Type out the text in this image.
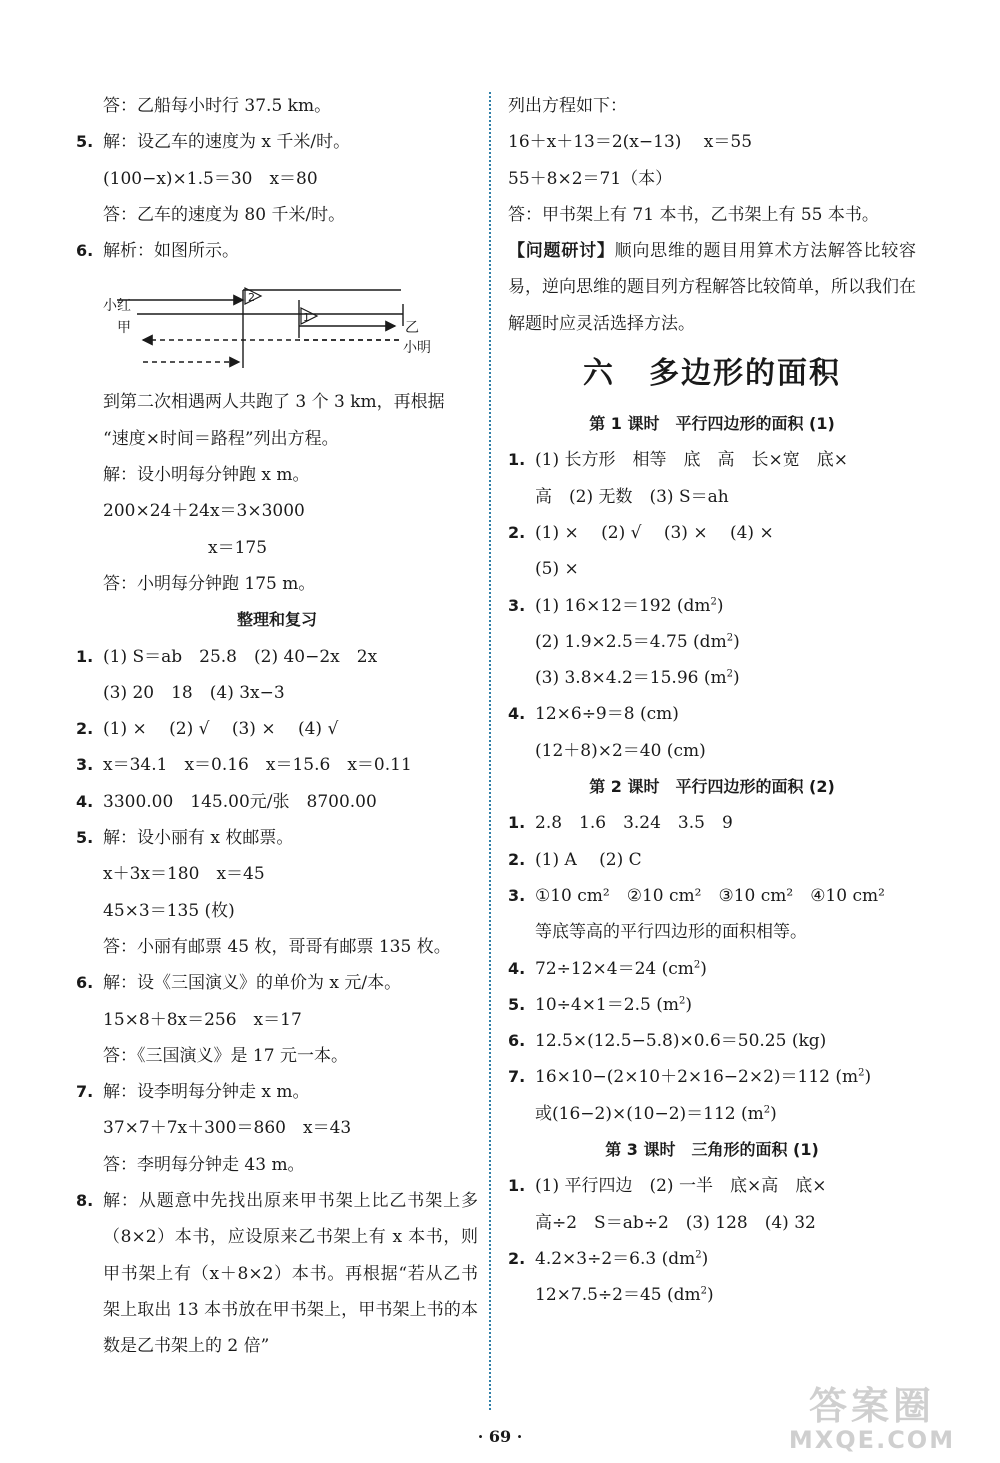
答：乙船每小时行 37.5 km。
5. 解：设乙车的速度为 x 千米/时。
(100−x)×1.5＝30　x＝80
答：乙车的速度为 80 千米/时。
6. 解析：如图所示。
小红
甲	乙
小明
2
1
到第二次相遇两人共跑了 3 个 3 km，再根据
“速度×时间＝路程”列出方程。
解：设小明每分钟跑 x m。
200×24＋24x＝3×3000
x＝175
答：小明每分钟跑 175 m。
整理和复习
1. (1) S＝ab　25.8　(2) 40−2x　2x
(3) 20　18　(4) 3x−3
2. (1) ×　 (2) √　 (3) ×　 (4) √
3. x＝34.1　x＝0.16　x＝15.6　x＝0.11
4. 3300.00　145.00元/张　8700.00
5. 解：设小丽有 x 枚邮票。
x＋3x＝180　x＝45
45×3＝135 (枚)
答：小丽有邮票 45 枚，哥哥有邮票 135 枚。
6. 解：设《三国演义》的单价为 x 元/本。
15×8＋8x＝256　x＝17
答：《三国演义》是 17 元一本。
7. 解：设李明每分钟走 x m。
37×7＋7x＋300＝860　x＝43
答：李明每分钟走 43 m。
8. 解：从题意中先找出原来甲书架上比乙书架上多（8×2）本书，应设原来乙书架上有 x 本书，则甲书架上有（x＋8×2）本书。再根据“若从乙书架上取出 13 本书放在甲书架上，甲书架上书的本数是乙书架上的 2 倍”
列出方程如下：
16＋x＋13＝2(x−13)　 x＝55
55＋8×2＝71（本）
答：甲书架上有 71 本书，乙书架上有 55 本书。
【问题研讨】顺向思维的题目用算术方法解答比较容易，逆向思维的题目列方程解答比较简单，所以我们在解题时应灵活选择方法。
六 多边形的面积
第 1 课时　平行四边形的面积 (1)
1. (1) 长方形　相等　底　高　长×宽　底×
高　(2) 无数　(3) S＝ah
2. (1) ×　 (2) √　 (3) ×　 (4) ×
(5) ×
3. (1) 16×12＝192 $(dm^2)$
(2) 1.9×2.5＝4.75 $(dm^2)$
(3) 3.8×4.2＝15.96 $(m^2)$
4. 12×6÷9＝8 (cm)
(12＋8)×2＝40 (cm)
第 2 课时　平行四边形的面积 (2)
1. 2.8　1.6　3.24　3.5　9
2. (1) A　 (2) C
3. ①10 cm²　②10 cm²　③10 cm²　④10 cm²
等底等高的平行四边形的面积相等。
4. 72÷12×4＝24 $(cm^2)$
5. 10÷4×1＝2.5 $(m^2)$
6. 12.5×(12.5−5.8)×0.6＝50.25 (kg)
7. 16×10−(2×10＋2×16−2×2)＝112 $(m^2)$
或(16−2)×(10−2)＝112 $(m^2)$
第 3 课时　三角形的面积 (1)
1. (1) 平行四边　(2) 一半　底×高　底×
高÷2　S＝ab÷2　(3) 128　(4) 32
2. 4.2×3÷2＝6.3 $(dm^2)$
12×7.5÷2＝45 $(dm^2)$
· 69 ·
答案圈
MXQE.COM
